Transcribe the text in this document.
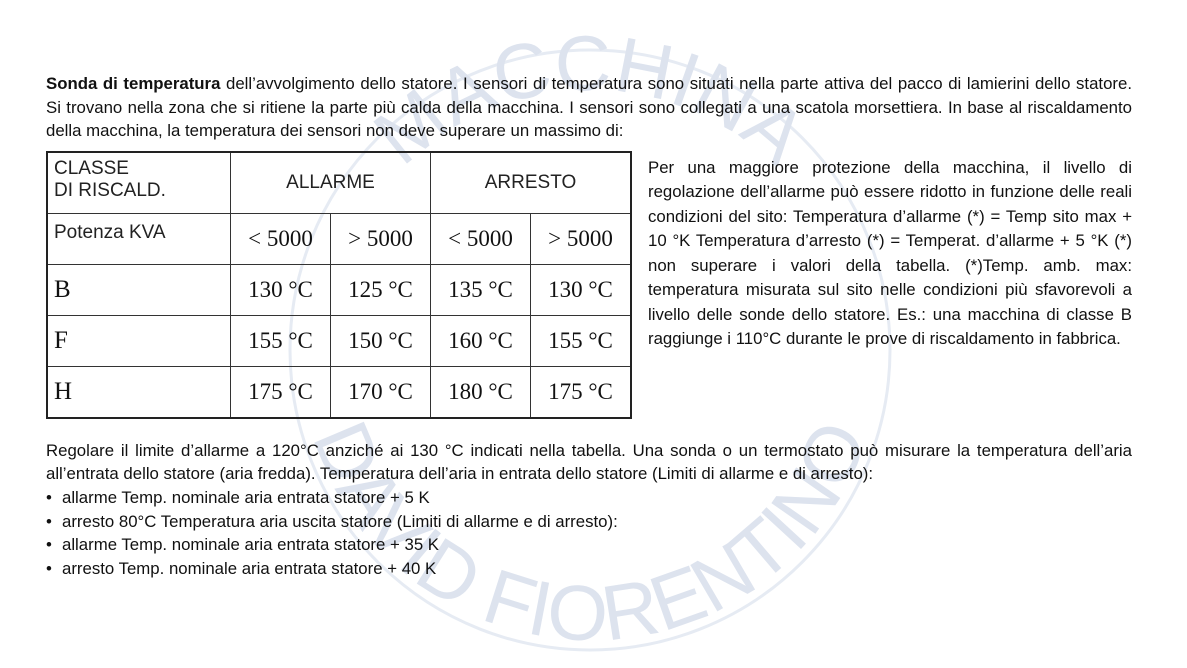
MACCHINA
DAVID FIORENTINO

Sonda di temperatura dell’avvolgimento dello statore. I sensori di temperatura sono situati nella parte attiva del pacco di lamierini dello statore. Si trovano nella zona che si ritiene la parte più calda della macchina. I sensori sono collegati a una scatola morsettiera. In base al riscaldamento della macchina, la temperatura dei sensori non deve superare un massimo di:

CLASSE
DI RISCALD.	ALLARME		ARRESTO	
Potenza KVA	< 5000	> 5000	< 5000	> 5000
B	130 °C	125 °C	135 °C	130 °C
F	155 °C	150 °C	160 °C	155 °C
H	175 °C	170 °C	180 °C	175 °C

Per una maggiore protezione della macchina, il livello di regolazione dell’allarme può essere ridotto in funzione delle reali condizioni del sito: Temperatura d’allarme (*) = Temp sito max + 10 °K Temperatura d’arresto (*) = Temperat. d’allarme + 5 °K (*) non superare i valori della tabella. (*)Temp. amb. max: temperatura misurata sul sito nelle condizioni più sfavorevoli a livello delle sonde dello statore. Es.: una macchina di classe B raggiunge i 110°C durante le prove di riscaldamento in fabbrica.

Regolare il limite d’allarme a 120°C anziché ai 130 °C indicati nella tabella. Una sonda o un termostato può misurare la temperatura dell’aria all’entrata dello statore (aria fredda). Temperatura dell’aria in entrata dello statore (Limiti di allarme e di arresto):

• allarme Temp. nominale aria entrata statore + 5 K
• arresto 80°C Temperatura aria uscita statore (Limiti di allarme e di arresto):
• allarme Temp. nominale aria entrata statore + 35 K
• arresto Temp. nominale aria entrata statore + 40 K
